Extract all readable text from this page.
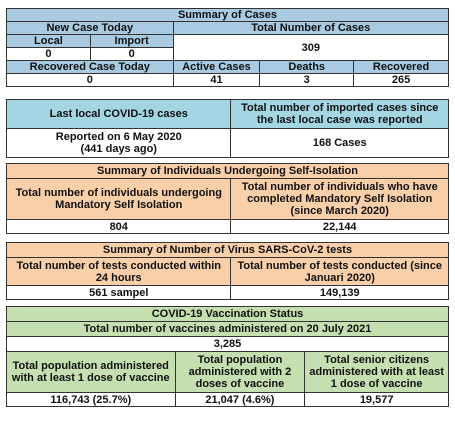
Summary of Cases				
New Case Today		Total Number of Cases		
Local	Import	309		
0	0			
Recovered Case Today		Active Cases	Deaths	Recovered
0		41	3	265
Last local COVID-19 cases	Total number of imported cases since the last local case was reported

Reported on 6 May 2020
(441 days ago)	168 Cases
Summary of Individuals Undergoing Self-Isolation	
Total number of individuals undergoing Mandatory Self Isolation	Total number of individuals who have completed Mandatory Self Isolation (since March 2020)
804	22,144
Summary of Number of Virus SARS-CoV-2 tests	
Total number of tests conducted within 24 hours	Total number of tests conducted (since Januari 2020)
561 sampel	149,139
COVID-19 Vaccination Status		
Total number of vaccines administered on 20 July 2021		
3,285		
Total population administered with at least 1 dose of vaccine	Total population administered with 2 doses of vaccine	Total senior citizens administered with at least 1 dose of vaccine
116,743 (25.7%)	21,047 (4.6%)	19,577
